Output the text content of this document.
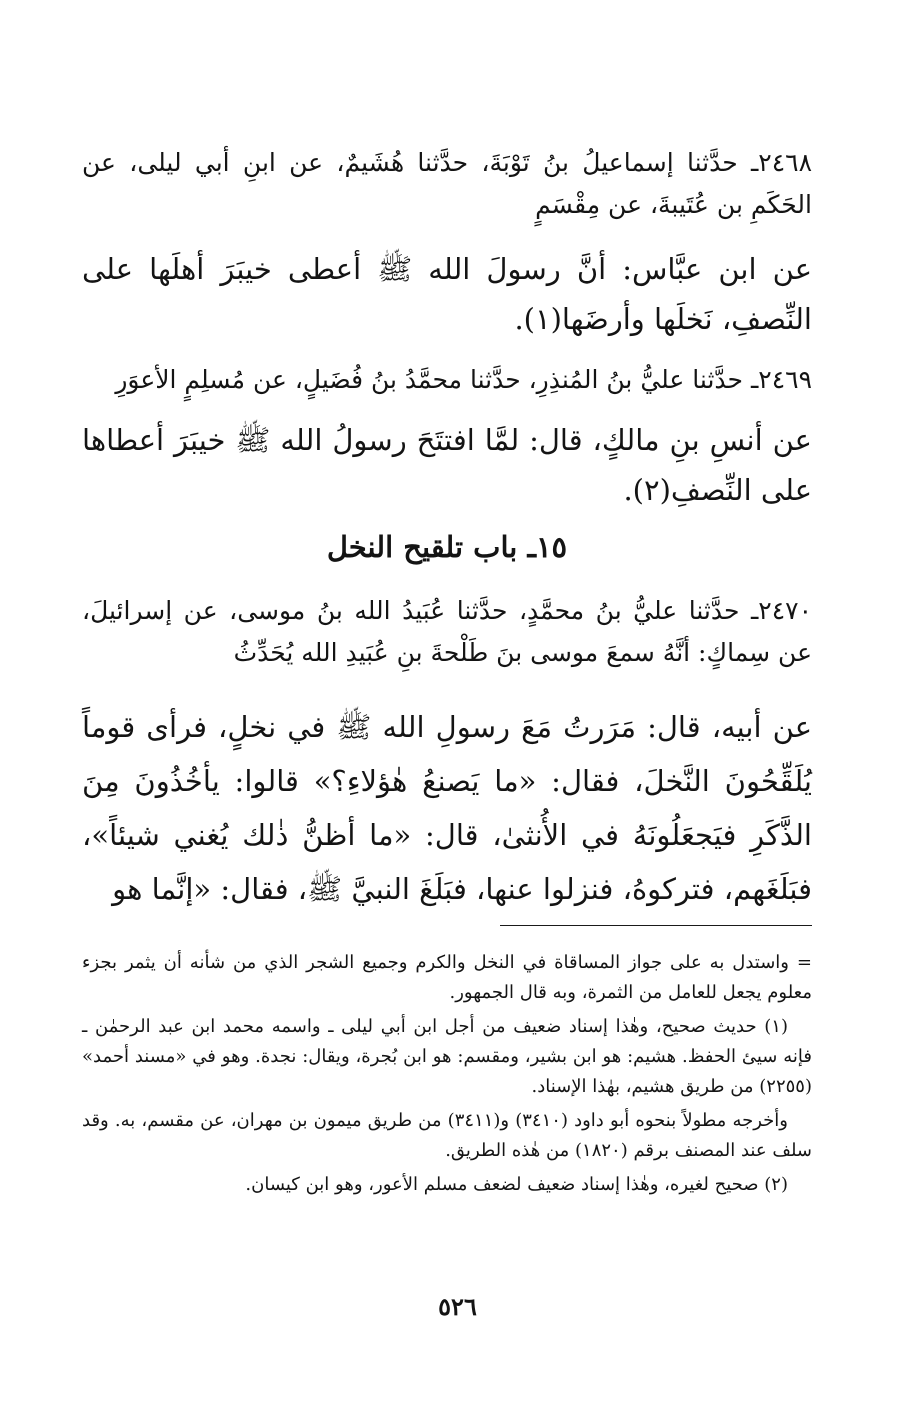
٢٤٦٨ـ حدَّثنا إسماعيلُ بنُ تَوْبَةَ، حدَّثنا هُشَيمٌ، عن ابنِ أبي ليلى، عن الحَكَمِ بن عُتَيبةَ، عن مِقْسَمٍ

عن ابن عبَّاس: أنَّ رسولَ الله ﷺ أعطى خيبَرَ أهلَها على النِّصفِ، نَخلَها وأرضَها(١).

٢٤٦٩ـ حدَّثنا عليُّ بنُ المُنذِرِ، حدَّثنا محمَّدُ بنُ فُضَيلٍ، عن مُسلِمٍ الأعوَرِ

عن أنسِ بنِ مالكٍ، قال: لمَّا افتتَحَ رسولُ الله ﷺ خيبَرَ أعطاها على النِّصفِ(٢).

١٥ـ باب تلقيح النخل

٢٤٧٠ـ حدَّثنا عليُّ بنُ محمَّدٍ، حدَّثنا عُبَيدُ الله بنُ موسى، عن إسرائيلَ، عن سِماكٍ: أنَّهُ سمعَ موسى بنَ طَلْحةَ بنِ عُبَيدِ الله يُحَدِّثُ

عن أبيه، قال: مَرَرتُ مَعَ رسولِ الله ﷺ في نخلٍ، فرأى قوماً يُلَقِّحُونَ النَّخلَ، فقال: «ما يَصنعُ هٰؤلاءِ؟» قالوا: يأخُذُونَ مِنَ الذَّكَرِ فيَجعَلُونَهُ في الأُنثىٰ، قال: «ما أظنُّ ذٰلك يُغني شيئاً»، فبَلَغَهم، فتركوهُ، فنزلوا عنها، فبَلَغَ النبيَّ ﷺ، فقال: «إنَّما هو

= واستدل به على جواز المساقاة في النخل والكرم وجميع الشجر الذي من شأنه أن يثمر بجزء معلوم يجعل للعامل من الثمرة، وبه قال الجمهور.

(١) حديث صحيح، وهٰذا إسناد ضعيف من أجل ابن أبي ليلى ـ واسمه محمد ابن عبد الرحمٰن ـ فإنه سيئ الحفظ. هشيم: هو ابن بشير، ومقسم: هو ابن بُجرة، ويقال: نجدة. وهو في «مسند أحمد» (٢٢٥٥) من طريق هشيم، بهٰذا الإسناد.

وأخرجه مطولاً بنحوه أبو داود (٣٤١٠) و(٣٤١١) من طريق ميمون بن مهران، عن مقسم، به. وقد سلف عند المصنف برقم (١٨٢٠) من هٰذه الطريق.

(٢) صحيح لغيره، وهٰذا إسناد ضعيف لضعف مسلم الأعور، وهو ابن كيسان.

٥٢٦
